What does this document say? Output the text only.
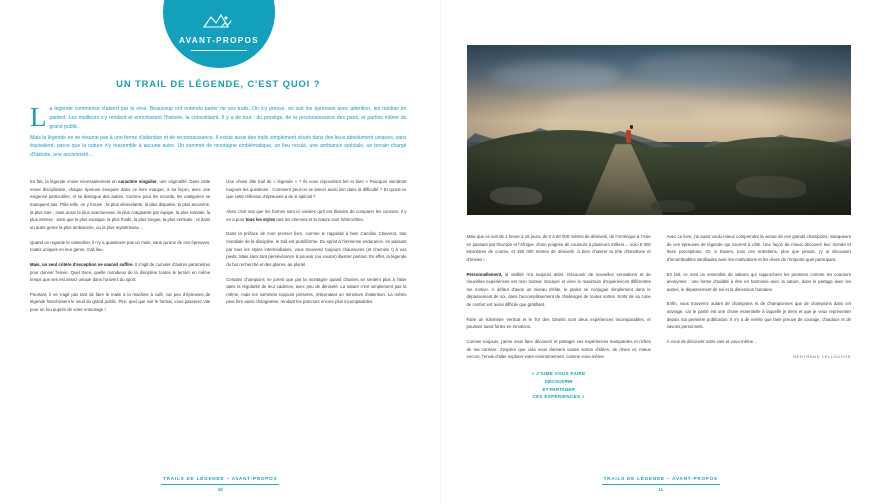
AVANT-PROPOS
UN TRAIL DE LÉGENDE, C'EST QUOI ?
L a légende commence d'abord par le rêve. Beaucoup ont entendu parler de ces trails. On s'y presse, on suit les épreuves avec attention, les médias en parlent. Les meilleurs s'y rendent et enrichissent l'histoire, la convoitisent. Il y a de tout : du prestige, de la reconnaissance des pairs, et parfois même du grand public.

Mais la légende ne se résume pas à une forme d'attention et de reconnaissance. Il existe aussi des trails simplement situés dans des lieux absolument uniques, sans équivalent, parce que la nature n'y ressemble à aucune autre. Un sommet de montagne emblématique, un lieu reculé, une ambiance spéciale, un terrain chargé d'histoire, une ancienneté…

En fait, la légende croise nécessairement un caractère singulier, une originalité. Dans cette revue disciplinaire, chaque épreuve évoquée dans ce livre marque, à sa façon, avec une exigence particulière, et se distingue des autres. Comme pour les records, les catégories ne manquent pas. Plûs-relle, on y trouve : la plus dénivelante, la plus disputée, la plus ancienne, la plus rare ; mais aussi la plus aventureuse, la plus craignante par équipe, la plus estivale, la plus intense ; ainsi que la plus exotique, la plus froide, la plus longue, la plus verticale ; et dans un autre genre la plus ambiancée, ou la plus mystérieuse…

Quand on regarde le calendrier, il n'y a quasiment pas un mois, sans qu'une de ces épreuves, toutes uniques en leur genre, n'ait lieu.

Mais, un seul critère d'exception ne saurait suffire. Il s'agit de cumuler d'autres paramètres pour donner l'envie. Quel tracé, quelle mondieux de la discipline toutes le terrain en même temps que ses est assez unique dans l'univers du sport.

Pourtant, il ne s'agit pas tant de faire le malin à la machine à café, car peu d'épreuves de légende franchissent le seuil du grand public. Pire, quel que soit le format, vous passerez vite pour un fou auprès de votre entourage !

Une chose dite trail de « légende » ? Ils vous répondront bel et bien « Pourquoi viendront toujours les questions : Comment peut-on se lancer aussi loin dans la difficulté ? Et qu'est-ce que cette réflexion d'épreuves a de si spécial ?

Alors c'est vrai que les formes sont ici variées qu'il est illusoire de comparer les courses. Il y en a pour tous les styles tant les chemins et la nature sont hétéroclites.

Dans la préface de mon premier livre, comme le rappelait à bien Caroline Chaverot, star mondiale de la discipline, le trail est protéiforme. Du sprint à l'immense endurance, en passant par tous les styles intermédiaires, vous trouverez toujours chaussures (et chemins !) à vos pieds. Mais sans tant persévérance à pouvoir (ou vouloir) illustrer partout. En effet, la légende du but recherché et des gloires, au pluriel.

Certains champions ne jurent que par la montagne quand d'autres se sentent plus à l'aise dans la régularité de leur cadence, avec peu de dénivelé. La nature n'est simplement pas la même, mais les sommets toujours présents, réticendant un minimum d'attention. La météo peut être aussi changeante, rendant les parcours encore plus incomparables.

TRAILS DE LÉGENDE – AVANT-PROPOS
10

Mais que ce soit de 1 heure à 15 jours, de 0 à 50 000 mètres de dénivelé, de l'Amérique à l'Asie en passant par l'Europe et l'Afrique, d'une poignée de coureurs à plusieurs milliers… voici 5 000 kilomètres de course, et 250 000 mètres de dénivelé, à bien chavirer la tête d'émotions et d'envies !

Personnellement, la vieillité m'a toujours attiré. Découvrir de nouvelles sensations et de nouvelles expériences est mon moteur. Essayer et vivre le maximum d'expériences différentes me motive. À défaut d'avoir un niveau d'élite, le plaisir se conjugue simplement dans le dépassement de soi, dans l'accomplissement de challenges de toutes sortes. Sortir de sa zone de confort est aussi difficile que gratifiant.

Faire un Kilomètre Vertical et le Tor des Géants sont deux expériences incomparables, et pourtant aussi fortes en émotions.

Comme toujours, j'aime vous faire découvrir et partager ces expériences marquantes et riches de ma carrière. J'espère que cela vous donnera toutes sortes d'idées, de rêves et, mieux encore, l'envie d'aller explorer votre environnement, comme vous-même.

« J'AIME VOUS FAIRE
DÉCOUVRIR
ET PARTAGER
CES EXPÉRIENCES »

Avec ce livre, j'ai aussi voulu mieux comprendre la venue de ces grands champions, vainqueurs de ces épreuves de légende qui courent à côté. Une façon de mieux découvrir leur monde et leurs perceptions. Or, à travers, tous ces entretiens, plus que jamais, j'y ai découvert d'innombrables similitudes avec les motivations et les rêves de n'importe quel participant.

En fait, ce sont un ensemble de valeurs qui rapprochent les premiers comme les coureurs anonymes : une forme d'avidité à être en harmonie avec la nature, dans le partage avec les autres, le dépassement de soi et la dimension humaine.

Enfin, vous trouverez autant de champions et de championnes que de champions dans cet ouvrage, car le parité est une chose essentielle à laquelle je tiens et que je veux représenter depuis ma première publication. Il n'y a de mérite que faire preuve de courage, d'audace et de savoirs personnels.

À vous de découvrir votre voie et vous-même…

BERTRAND LELLOUCHE
TRAILS DE LÉGENDE – AVANT-PROPOS
11
